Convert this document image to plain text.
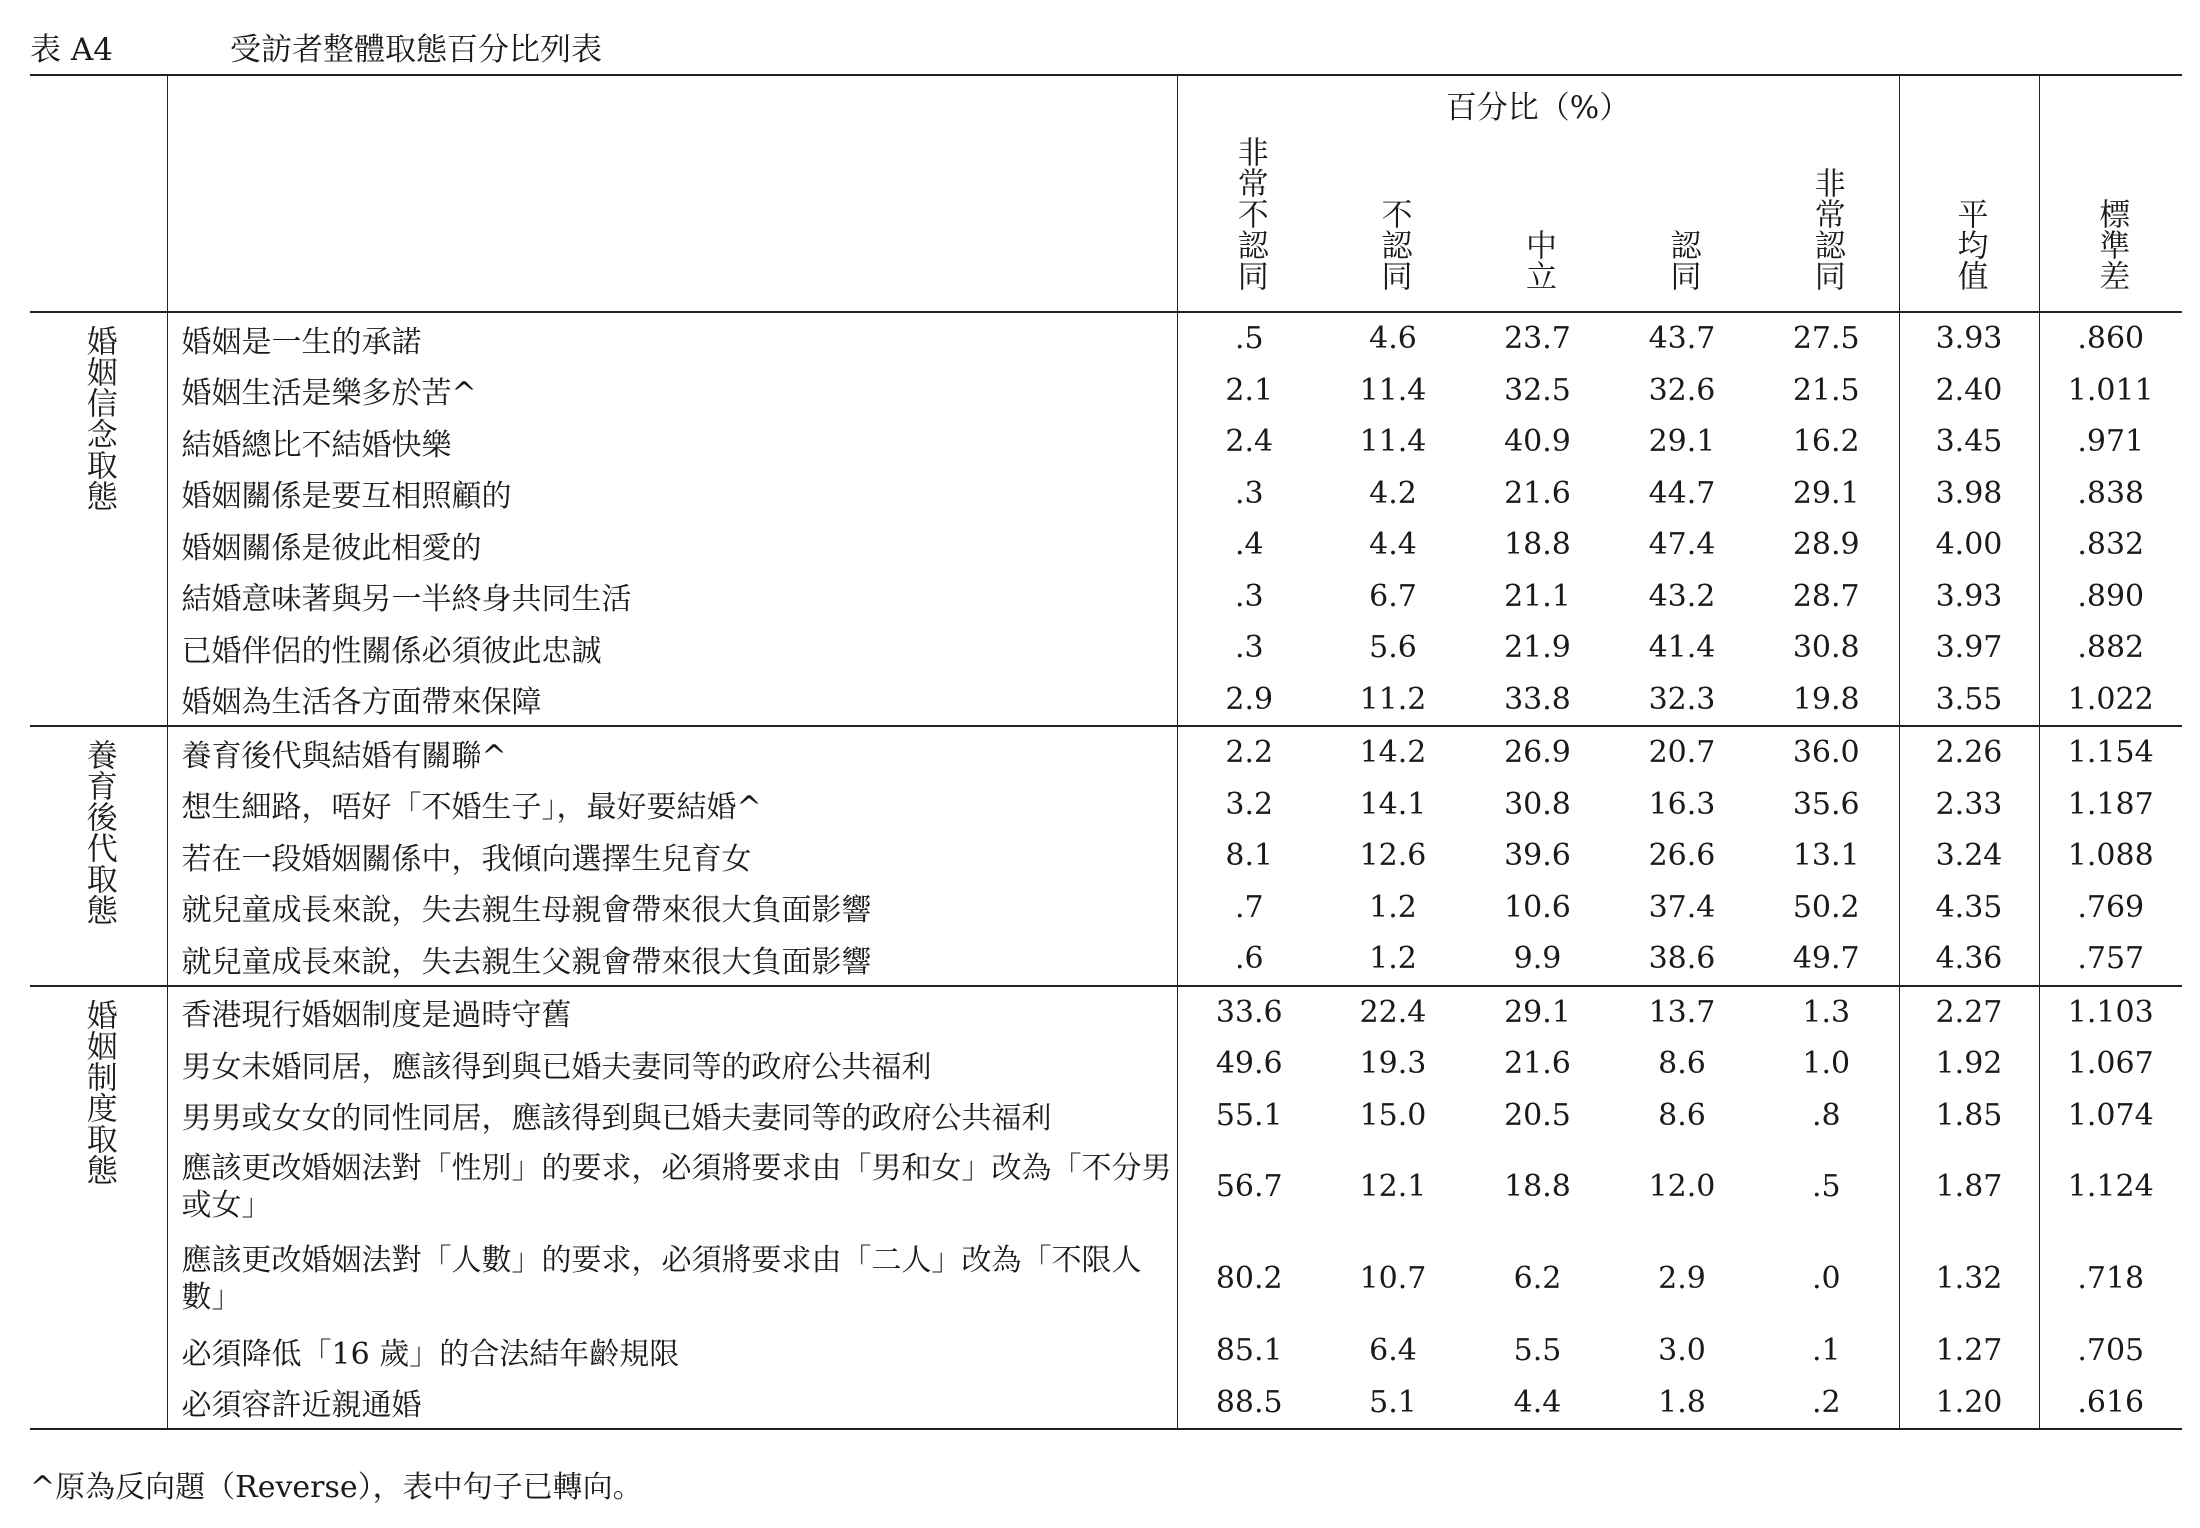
表 A4	受訪者整體取態百分比列表
		百分比（%）						
		非常不認同	不認同	中立	認同	非常認同	平均值	標準差
婚姻信念取態	婚姻是一生的承諾	.5	4.6	23.7	43.7	27.5	3.93	.860
	婚姻生活是樂多於苦^	2.1	11.4	32.5	32.6	21.5	2.40	1.011
	結婚總比不結婚快樂	2.4	11.4	40.9	29.1	16.2	3.45	.971
	婚姻關係是要互相照顧的	.3	4.2	21.6	44.7	29.1	3.98	.838
	婚姻關係是彼此相愛的	.4	4.4	18.8	47.4	28.9	4.00	.832
	結婚意味著與另一半終身共同生活	.3	6.7	21.1	43.2	28.7	3.93	.890
	已婚伴侶的性關係必須彼此忠誠	.3	5.6	21.9	41.4	30.8	3.97	.882
	婚姻為生活各方面帶來保障	2.9	11.2	33.8	32.3	19.8	3.55	1.022
養育後代取態	養育後代與結婚有關聯^	2.2	14.2	26.9	20.7	36.0	2.26	1.154
	想生細路，唔好「不婚生子」，最好要結婚^	3.2	14.1	30.8	16.3	35.6	2.33	1.187
	若在一段婚姻關係中，我傾向選擇生兒育女	8.1	12.6	39.6	26.6	13.1	3.24	1.088
	就兒童成長來說，失去親生母親會帶來很大負面影響	.7	1.2	10.6	37.4	50.2	4.35	.769
	就兒童成長來說，失去親生父親會帶來很大負面影響	.6	1.2	9.9	38.6	49.7	4.36	.757
婚姻制度取態	香港現行婚姻制度是過時守舊	33.6	22.4	29.1	13.7	1.3	2.27	1.103
	男女未婚同居，應該得到與已婚夫妻同等的政府公共福利	49.6	19.3	21.6	8.6	1.0	1.92	1.067
	男男或女女的同性同居，應該得到與已婚夫妻同等的政府公共福利	55.1	15.0	20.5	8.6	.8	1.85	1.074
	應該更改婚姻法對「性別」的要求，必須將要求由「男和女」改為「不分男或女」	56.7	12.1	18.8	12.0	.5	1.87	1.124
	應該更改婚姻法對「人數」的要求，必須將要求由「二人」改為「不限人數」	80.2	10.7	6.2	2.9	.0	1.32	.718
	必須降低「16 歲」的合法結年齡規限	85.1	6.4	5.5	3.0	.1	1.27	.705
	必須容許近親通婚	88.5	5.1	4.4	1.8	.2	1.20	.616
^原為反向題（Reverse），表中句子已轉向。
